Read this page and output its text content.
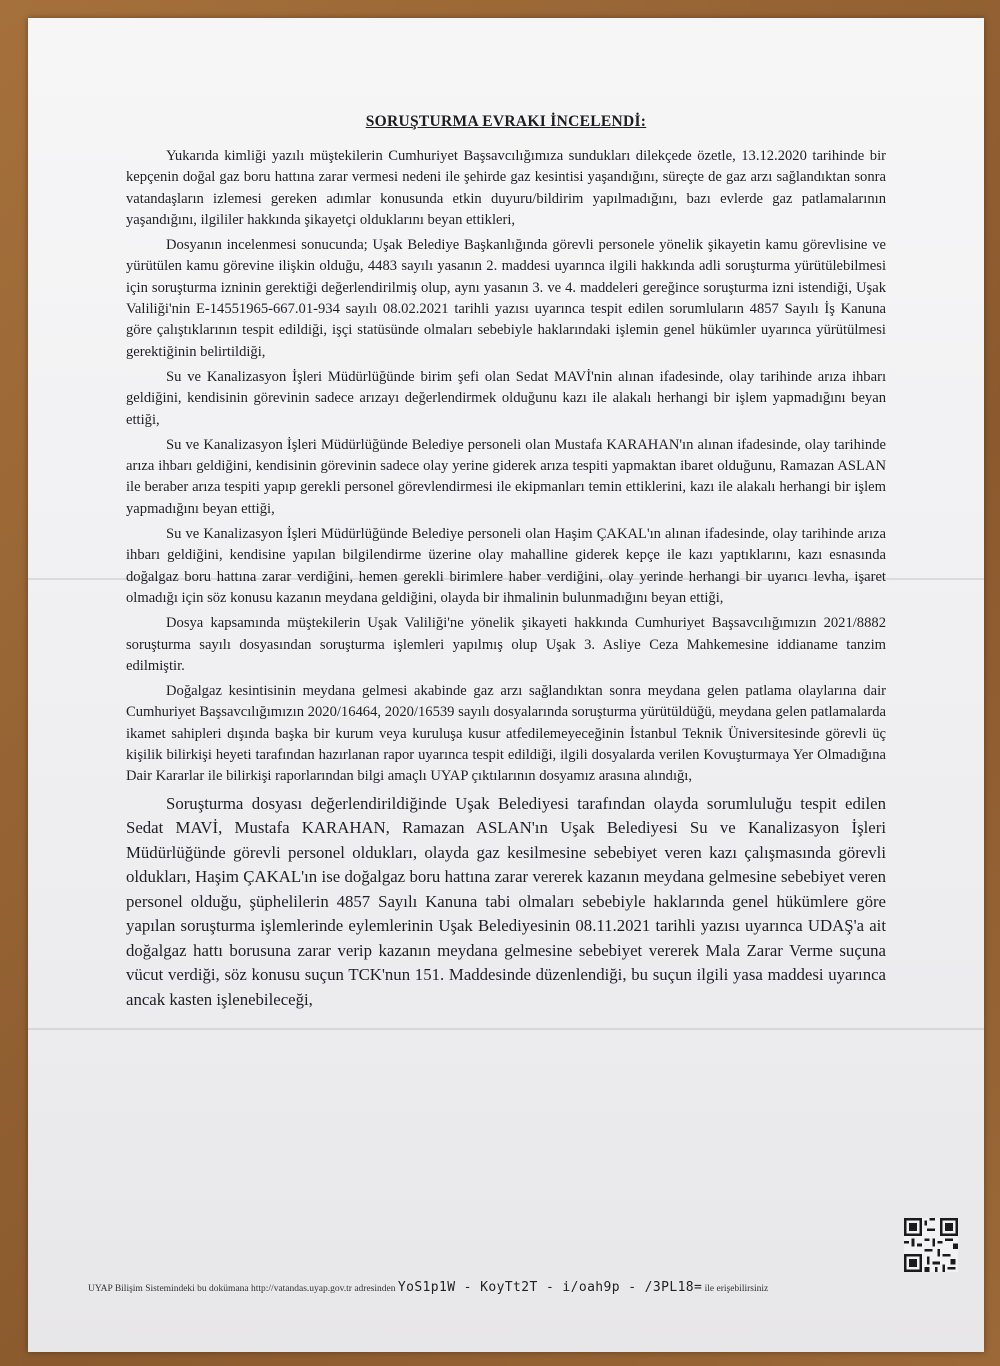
SORUŞTURMA EVRAKI İNCELENDİ:

Yukarıda kimliği yazılı müştekilerin Cumhuriyet Başsavcılığımıza sundukları dilekçede özetle, 13.12.2020 tarihinde bir kepçenin doğal gaz boru hattına zarar vermesi nedeni ile şehirde gaz kesintisi yaşandığını, süreçte de gaz arzı sağlandıktan sonra vatandaşların izlemesi gereken adımlar konusunda etkin duyuru/bildirim yapılmadığını, bazı evlerde gaz patlamalarının yaşandığını, ilgililer hakkında şikayetçi olduklarını beyan ettikleri,

Dosyanın incelenmesi sonucunda; Uşak Belediye Başkanlığında görevli personele yönelik şikayetin kamu görevlisine ve yürütülen kamu görevine ilişkin olduğu, 4483 sayılı yasanın 2. maddesi uyarınca ilgili hakkında adli soruşturma yürütülebilmesi için soruşturma izninin gerektiği değerlendirilmiş olup, aynı yasanın 3. ve 4. maddeleri gereğince soruşturma izni istendiği, Uşak Valiliği'nin E-14551965-667.01-934 sayılı 08.02.2021 tarihli yazısı uyarınca tespit edilen sorumluların 4857 Sayılı İş Kanuna göre çalıştıklarının tespit edildiği, işçi statüsünde olmaları sebebiyle haklarındaki işlemin genel hükümler uyarınca yürütülmesi gerektiğinin belirtildiği,

Su ve Kanalizasyon İşleri Müdürlüğünde birim şefi olan Sedat MAVİ'nin alınan ifadesinde, olay tarihinde arıza ihbarı geldiğini, kendisinin görevinin sadece arızayı değerlendirmek olduğunu kazı ile alakalı herhangi bir işlem yapmadığını beyan ettiği,

Su ve Kanalizasyon İşleri Müdürlüğünde Belediye personeli olan Mustafa KARAHAN'ın alınan ifadesinde, olay tarihinde arıza ihbarı geldiğini, kendisinin görevinin sadece olay yerine giderek arıza tespiti yapmaktan ibaret olduğunu, Ramazan ASLAN ile beraber arıza tespiti yapıp gerekli personel görevlendirmesi ile ekipmanları temin ettiklerini, kazı ile alakalı herhangi bir işlem yapmadığını beyan ettiği,

Su ve Kanalizasyon İşleri Müdürlüğünde Belediye personeli olan Haşim ÇAKAL'ın alınan ifadesinde, olay tarihinde arıza ihbarı geldiğini, kendisine yapılan bilgilendirme üzerine olay mahalline giderek kepçe ile kazı yaptıklarını, kazı esnasında doğalgaz boru hattına zarar verdiğini, hemen gerekli birimlere haber verdiğini, olay yerinde herhangi bir uyarıcı levha, işaret olmadığı için söz konusu kazanın meydana geldiğini, olayda bir ihmalinin bulunmadığını beyan ettiği,

Dosya kapsamında müştekilerin Uşak Valiliği'ne yönelik şikayeti hakkında Cumhuriyet Başsavcılığımızın 2021/8882 soruşturma sayılı dosyasından soruşturma işlemleri yapılmış olup Uşak 3. Asliye Ceza Mahkemesine iddianame tanzim edilmiştir.

Doğalgaz kesintisinin meydana gelmesi akabinde gaz arzı sağlandıktan sonra meydana gelen patlama olaylarına dair Cumhuriyet Başsavcılığımızın 2020/16464, 2020/16539 sayılı dosyalarında soruşturma yürütüldüğü, meydana gelen patlamalarda ikamet sahipleri dışında başka bir kurum veya kuruluşa kusur atfedilemeyeceğinin İstanbul Teknik Üniversitesinde görevli üç kişilik bilirkişi heyeti tarafından hazırlanan rapor uyarınca tespit edildiği, ilgili dosyalarda verilen Kovuşturmaya Yer Olmadığına Dair Kararlar ile bilirkişi raporlarından bilgi amaçlı UYAP çıktılarının dosyamız arasına alındığı,

Soruşturma dosyası değerlendirildiğinde Uşak Belediyesi tarafından olayda sorumluluğu tespit edilen Sedat MAVİ, Mustafa KARAHAN, Ramazan ASLAN'ın Uşak Belediyesi Su ve Kanalizasyon İşleri Müdürlüğünde görevli personel oldukları, olayda gaz kesilmesine sebebiyet veren kazı çalışmasında görevli oldukları, Haşim ÇAKAL'ın ise doğalgaz boru hattına zarar vererek kazanın meydana gelmesine sebebiyet veren personel olduğu, şüphelilerin 4857 Sayılı Kanuna tabi olmaları sebebiyle haklarında genel hükümlere göre yapılan soruşturma işlemlerinde eylemlerinin Uşak Belediyesinin 08.11.2021 tarihli yazısı uyarınca UDAŞ'a ait doğalgaz hattı borusuna zarar verip kazanın meydana gelmesine sebebiyet vererek Mala Zarar Verme suçuna vücut verdiği, söz konusu suçun TCK'nun 151. Maddesinde düzenlendiği, bu suçun ilgili yasa maddesi uyarınca ancak kasten işlenebileceği,

UYAP Bilişim Sistemindeki bu dokümana http://vatandas.uyap.gov.tr adresinden YoS1p1W - KoyTt2T - i/oah9p - /3PL18= ile erişebilirsiniz
